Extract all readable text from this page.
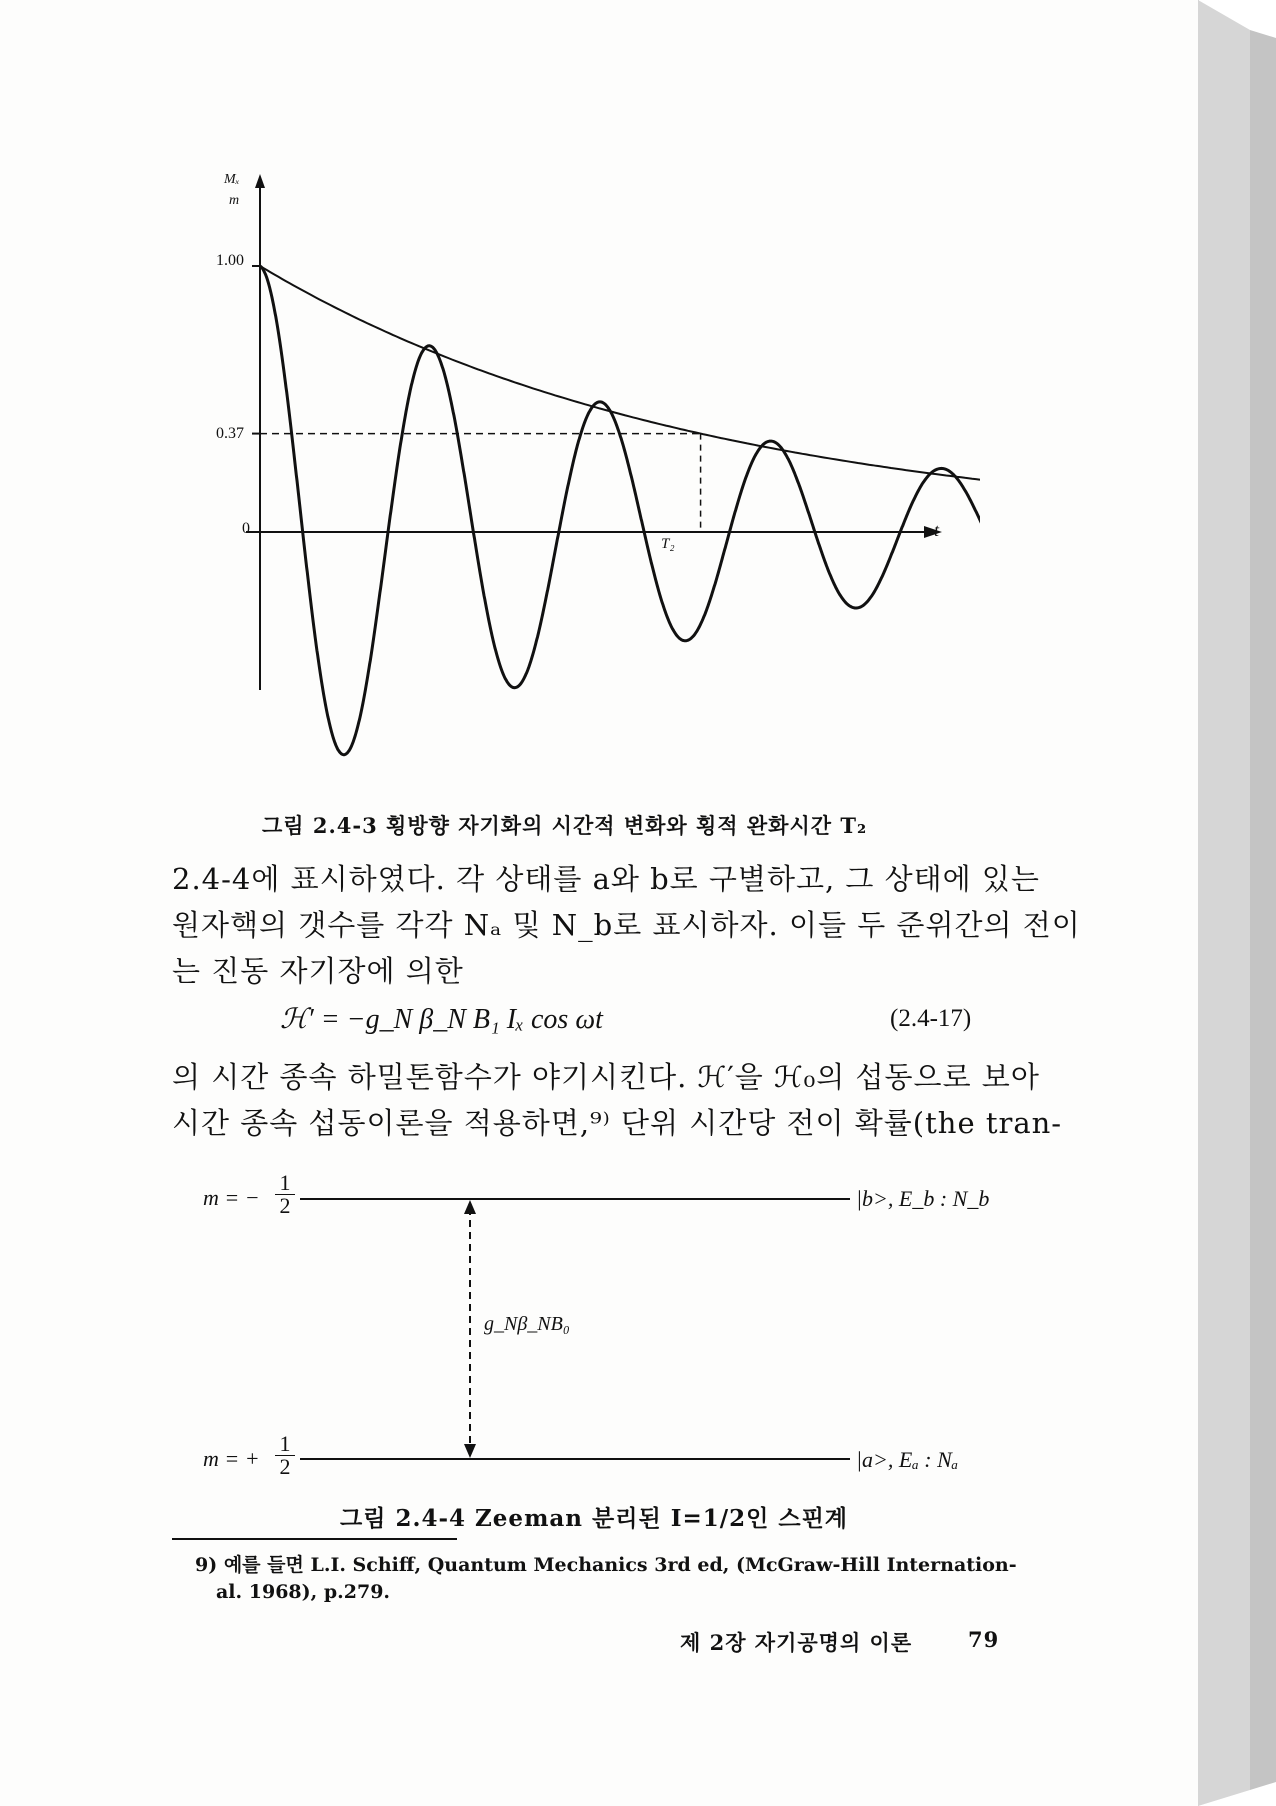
Mₓ
m
1.00
0.37
0	t
T₂
그림 2.4-3 횡방향 자기화의 시간적 변화와 횡적 완화시간 T₂
2.4-4에 표시하였다. 각 상태를 a와 b로 구별하고, 그 상태에 있는
원자핵의 갯수를 각각 Nₐ 및 N_b로 표시하자. 이들 두 준위간의 전이
는 진동 자기장에 의한
ℋ′ = −g_N β_N B₁ Iₓ cos ωt	(2.4-17)
의 시간 종속 하밀톤함수가 야기시킨다. ℋ′을 ℋ₀의 섭동으로 보아
시간 종속 섭동이론을 적용하면,⁹⁾ 단위 시간당 전이 확률(the tran-
m = − $\frac{1}{2}$	|b>, E_b : N_b
g_Nβ_NB₀
m = + $\frac{1}{2}$	|a>, Eₐ : Nₐ
그림 2.4-4 Zeeman 분리된 I=1/2인 스핀계
9) 예를 들면 L.I. Schiff, Quantum Mechanics 3rd ed, (McGraw-Hill Internation-
al. 1968), p.279.
제 2장 자기공명의 이론	79
